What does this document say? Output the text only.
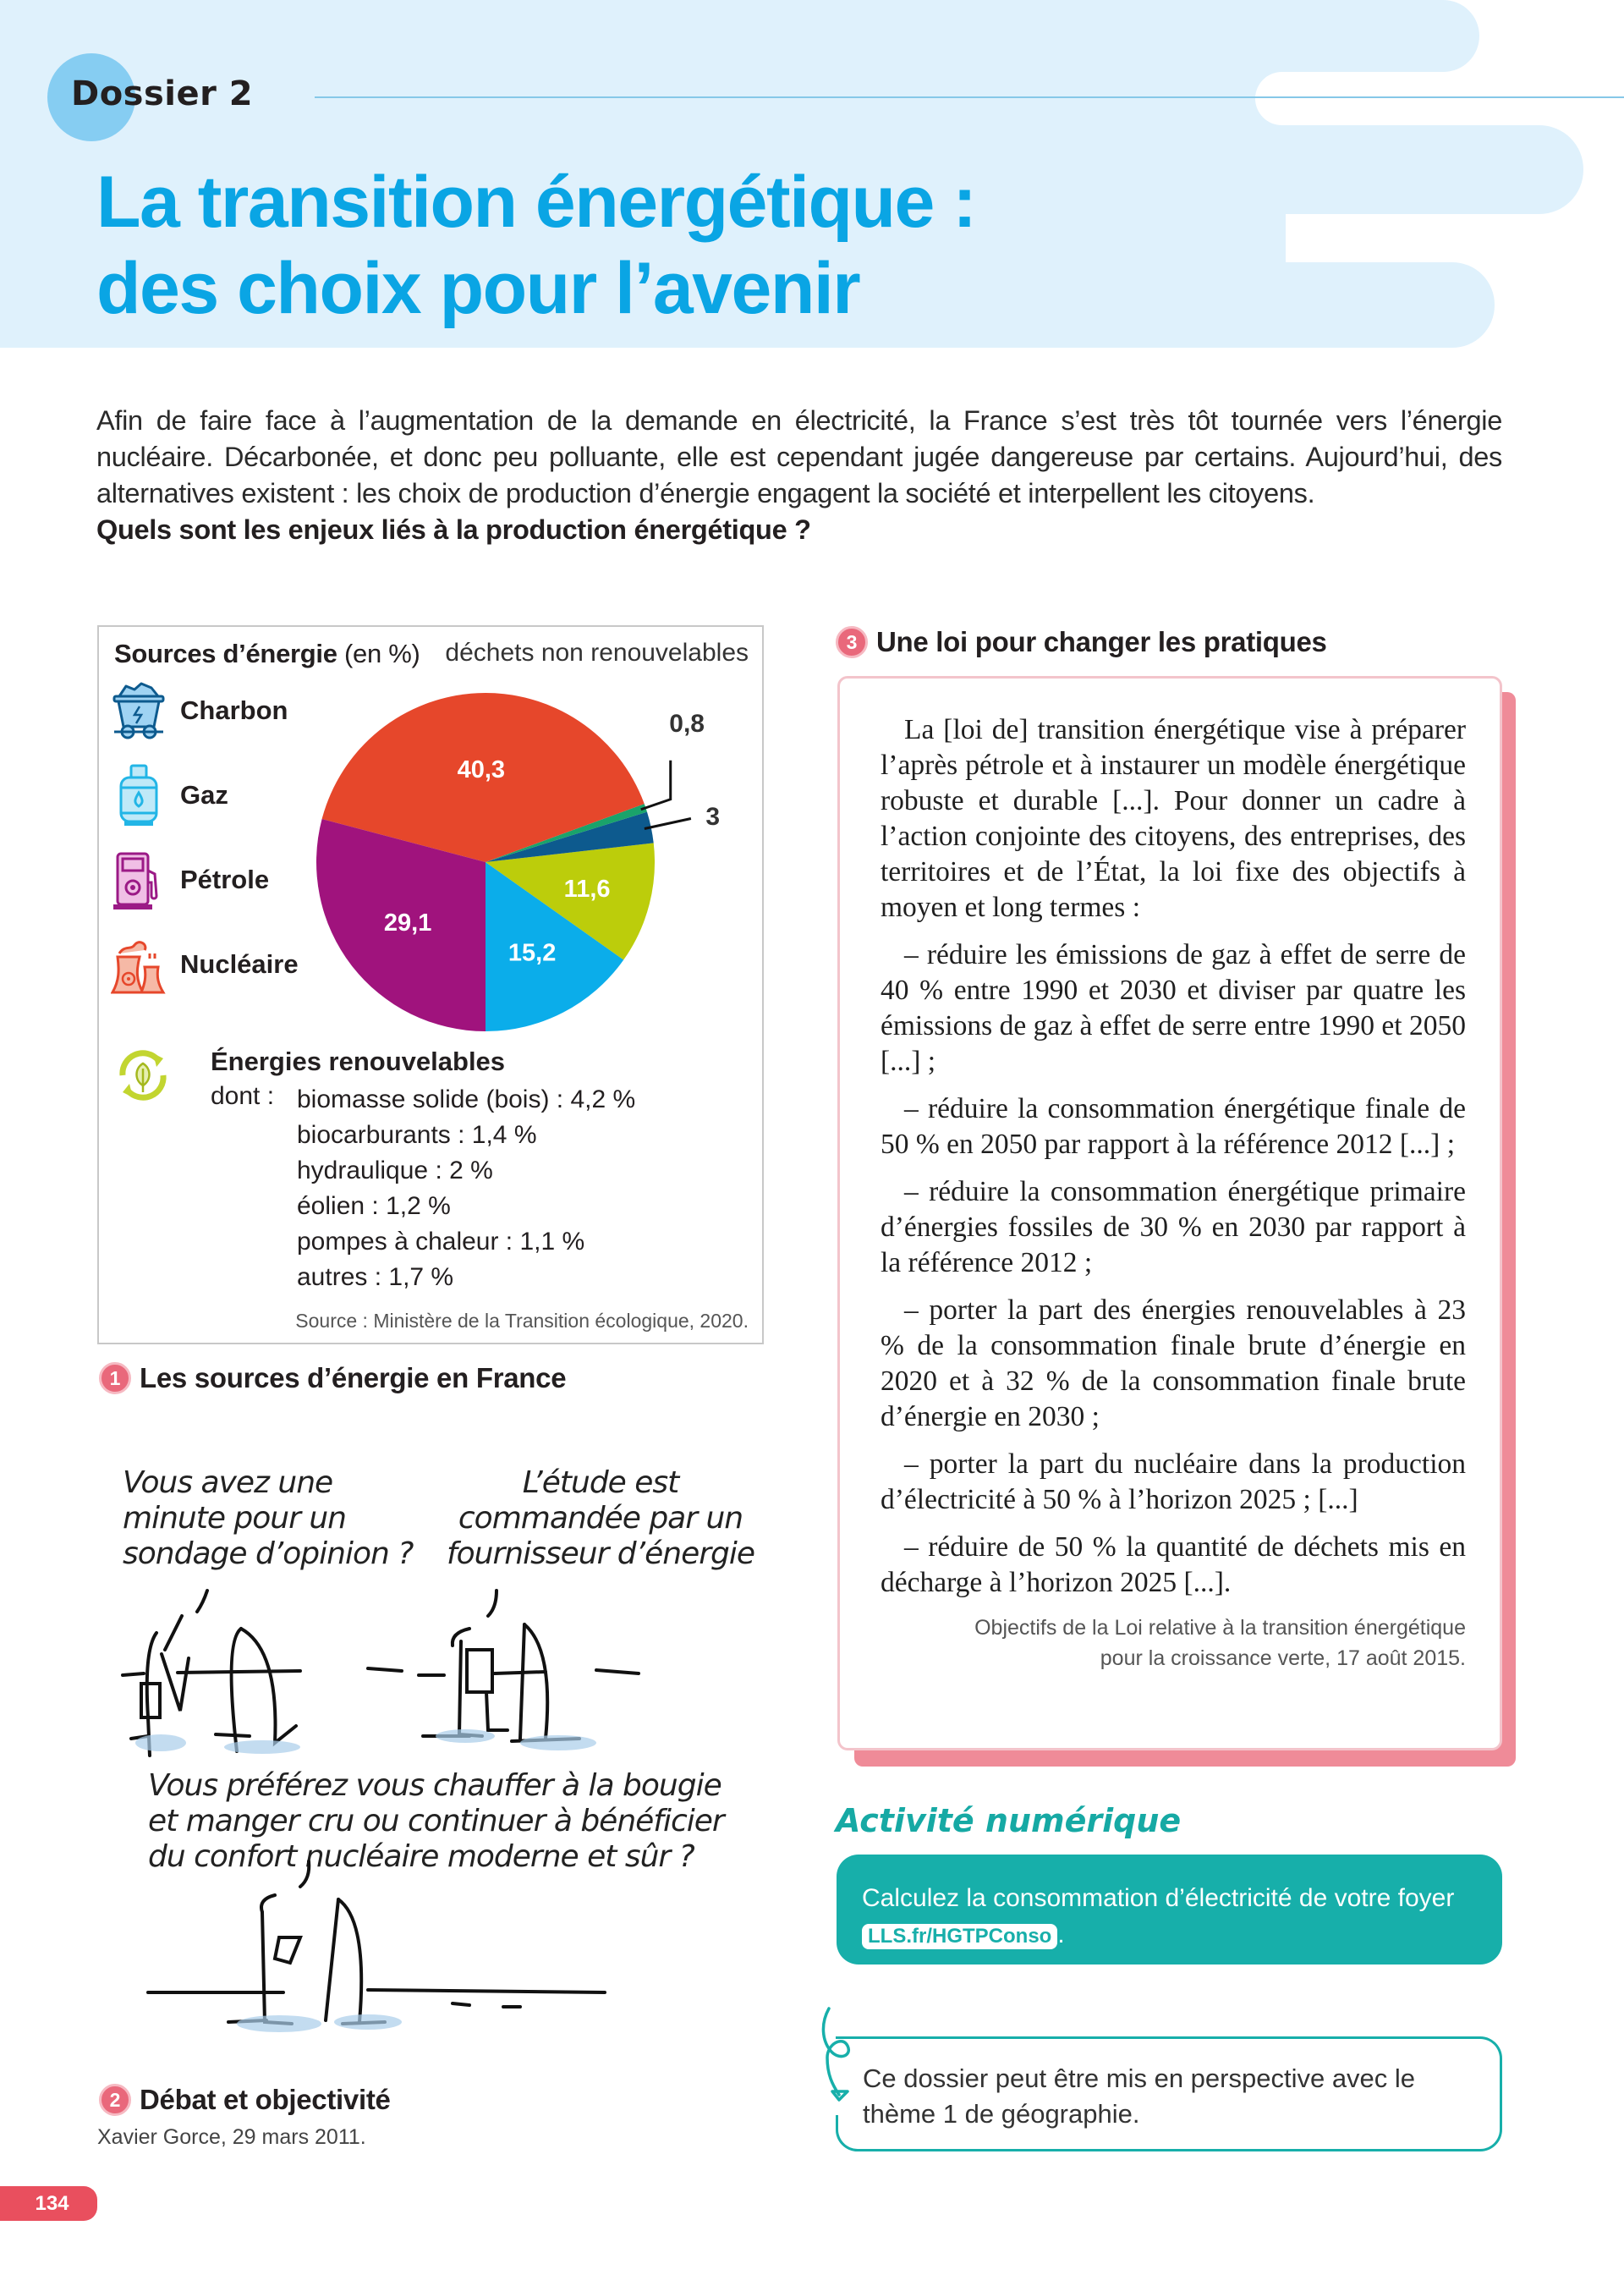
Dossier 2
La transition énergétique :
des choix pour l’avenir
Afin de faire face à l’augmentation de la demande en électricité, la France s’est très tôt tournée vers l’énergie nucléaire. Décarbonée, et donc peu polluante, elle est cependant jugée dangereuse par certains. Aujourd’hui, des alternatives existent : les choix de production d’énergie engagent la société et interpellent les citoyens.
Quels sont les enjeux liés à la production énergétique ?
Sources d’énergie (en %)
Charbon
Gaz
Pétrole
Nucléaire
40,3
11,6
15,2
29,1
déchets non renouvelables
0,8
3
Énergies renouvelables
dont : biomasse solide (bois) : 4,2 %
biocarburants : 1,4 %
hydraulique : 2 %
éolien : 1,2 %
pompes à chaleur : 1,1 %
autres : 1,7 %
Source : Ministère de la Transition écologique, 2020.
1 Les sources d’énergie en France
Vous avez une minute pour un sondage d’opinion ?
L’étude est commandée par un fournisseur d’énergie
Vous préférez vous chauffer à la bougie et manger cru ou continuer à bénéficier du confort nucléaire moderne et sûr ?
2 Débat et objectivité
Xavier Gorce, 29 mars 2011.
134
3 Une loi pour changer les pratiques

La [loi de] transition énergétique vise à préparer l’après pétrole et à instaurer un modèle énergétique robuste et durable [...]. Pour donner un cadre à l’action conjointe des citoyens, des entreprises, des territoires et de l’État, la loi fixe des objectifs à moyen et long termes :

– réduire les émissions de gaz à effet de serre de 40 % entre 1990 et 2030 et diviser par quatre les émissions de gaz à effet de serre entre 1990 et 2050 [...] ;

– réduire la consommation énergétique finale de 50 % en 2050 par rapport à la référence 2012 [...] ;

– réduire la consommation énergétique primaire d’énergies fossiles de 30 % en 2030 par rapport à la référence 2012 ;

– porter la part des énergies renouvelables à 23 % de la consommation finale brute d’énergie en 2020 et à 32 % de la consommation finale brute d’énergie en 2030 ;

– porter la part du nucléaire dans la production d’électricité à 50 % à l’horizon 2025 ; [...]

– réduire de 50 % la quantité de déchets mis en décharge à l’horizon 2025 [...].

Objectifs de la Loi relative à la transition énergétique
pour la croissance verte, 17 août 2015.
Activité numérique
Calculez la consommation d’électricité de votre foyer LLS.fr/HGTPConso .
Ce dossier peut être mis en perspective avec le thème 1 de géographie.
